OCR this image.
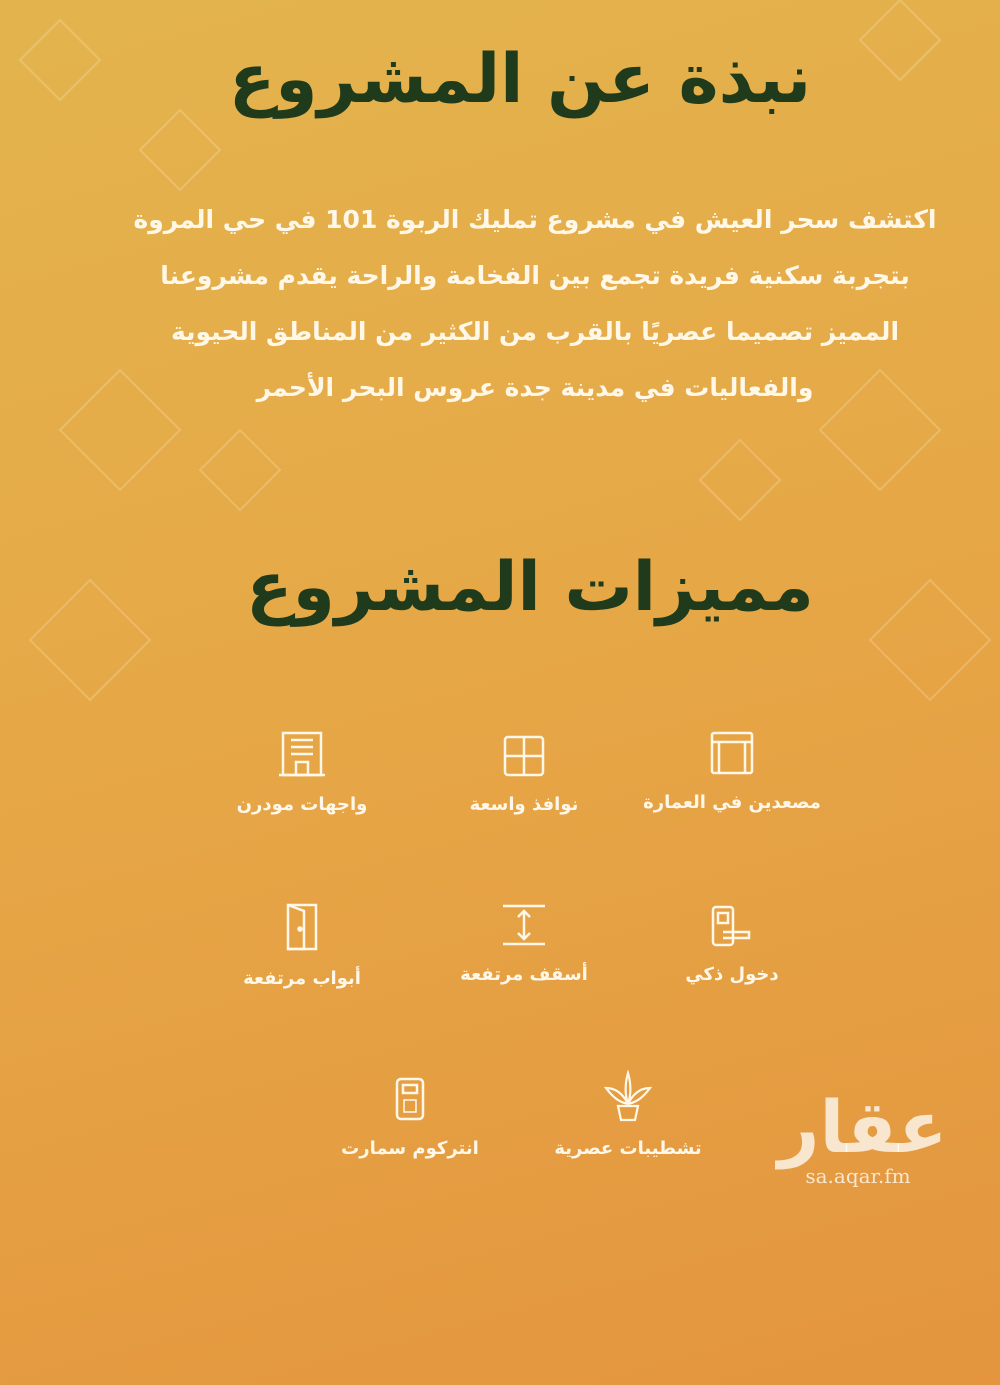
نبذة عن المشروع
اكتشف سحر العيش في مشروع تمليك الربوة 101 في حي المروة
بتجربة سكنية فريدة تجمع بين الفخامة والراحة يقدم مشروعنا
المميز تصميما عصريًا بالقرب من الكثير من المناطق الحيوية
والفعاليات في مدينة جدة عروس البحر الأحمر
مميزات المشروع
مصعدين في العمارة
نوافذ واسعة
واجهات مودرن
دخول ذكي
أسقف مرتفعة
أبواب مرتفعة
تشطيبات عصرية
انتركوم سمارت	عقار
sa.aqar.fm
